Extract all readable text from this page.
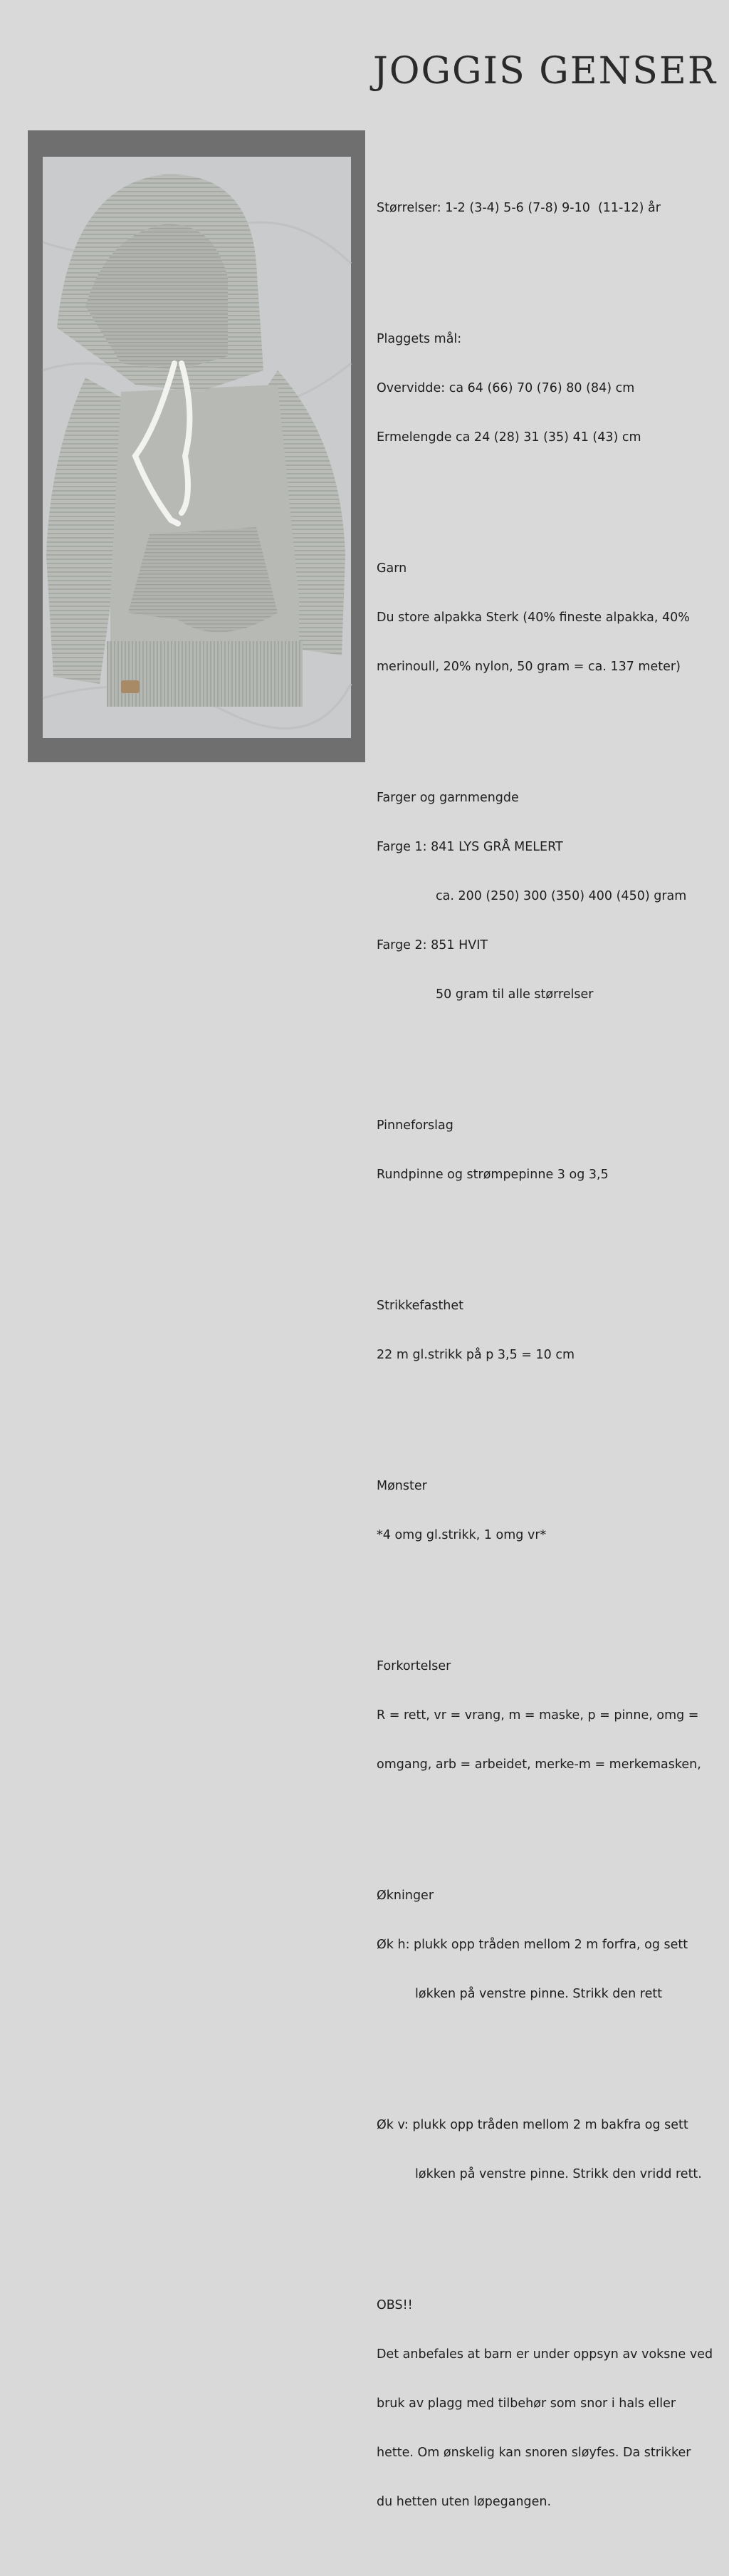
JOGGIS GENSER

Størrelser: 1-2 (3-4) 5-6 (7-8) 9-10  (11-12) år

Plaggets mål:

Overvidde: ca 64 (66) 70 (76) 80 (84) cm

Ermelengde ca 24 (28) 31 (35) 41 (43) cm

Garn

Du store alpakka Sterk (40% fineste alpakka, 40%

merinoull, 20% nylon, 50 gram = ca. 137 meter)

Farger og garnmengde

Farge 1: 841 LYS GRÅ MELERT

ca. 200 (250) 300 (350) 400 (450) gram

Farge 2: 851 HVIT

50 gram til alle størrelser

Pinneforslag

Rundpinne og strømpepinne 3 og 3,5

Strikkefasthet

22 m gl.strikk på p 3,5 = 10 cm

Mønster

*4 omg gl.strikk, 1 omg vr*

Forkortelser

R = rett, vr = vrang, m = maske, p = pinne, omg =

omgang, arb = arbeidet, merke-m = merkemasken,

Økninger

Øk h: plukk opp tråden mellom 2 m forfra, og sett

løkken på venstre pinne. Strikk den rett

Øk v: plukk opp tråden mellom 2 m bakfra og sett

løkken på venstre pinne. Strikk den vridd rett.

OBS!!

Det anbefales at barn er under oppsyn av voksne ved

bruk av plagg med tilbehør som snor i hals eller

hette. Om ønskelig kan snoren sløyfes. Da strikker

du hetten uten løpegangen.
